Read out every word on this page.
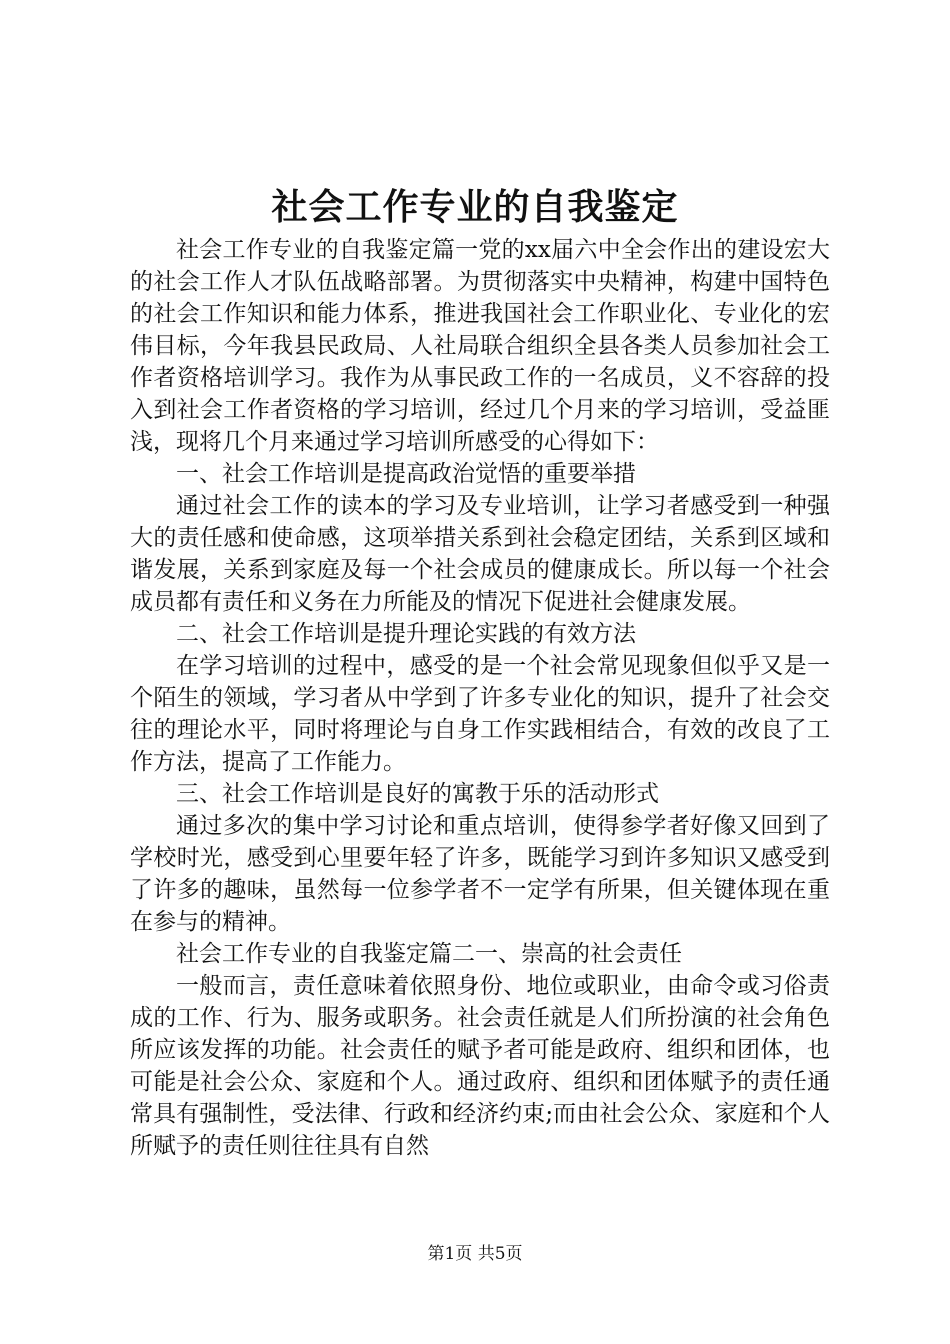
社会工作专业的自我鉴定

社会工作专业的自我鉴定篇一党的xx届六中全会作出的建设宏大的社会工作人才队伍战略部署。为贯彻落实中央精神，构建中国特色的社会工作知识和能力体系，推进我国社会工作职业化、专业化的宏伟目标，今年我县民政局、人社局联合组织全县各类人员参加社会工作者资格培训学习。我作为从事民政工作的一名成员，义不容辞的投入到社会工作者资格的学习培训，经过几个月来的学习培训，受益匪浅，现将几个月来通过学习培训所感受的心得如下：

一、社会工作培训是提高政治觉悟的重要举措

通过社会工作的读本的学习及专业培训，让学习者感受到一种强大的责任感和使命感，这项举措关系到社会稳定团结，关系到区域和谐发展，关系到家庭及每一个社会成员的健康成长。所以每一个社会成员都有责任和义务在力所能及的情况下促进社会健康发展。

二、社会工作培训是提升理论实践的有效方法

在学习培训的过程中，感受的是一个社会常见现象但似乎又是一个陌生的领域，学习者从中学到了许多专业化的知识，提升了社会交往的理论水平，同时将理论与自身工作实践相结合，有效的改良了工作方法，提高了工作能力。

三、社会工作培训是良好的寓教于乐的活动形式

通过多次的集中学习讨论和重点培训，使得参学者好像又回到了学校时光，感受到心里要年轻了许多，既能学习到许多知识又感受到了许多的趣味，虽然每一位参学者不一定学有所果，但关键体现在重在参与的精神。

社会工作专业的自我鉴定篇二一、崇高的社会责任

一般而言，责任意味着依照身份、地位或职业，由命令或习俗责成的工作、行为、服务或职务。社会责任就是人们所扮演的社会角色所应该发挥的功能。社会责任的赋予者可能是政府、组织和团体，也可能是社会公众、家庭和个人。通过政府、组织和团体赋予的责任通常具有强制性，受法律、行政和经济约束;而由社会公众、家庭和个人所赋予的责任则往往具有自然

第1页 共5页
